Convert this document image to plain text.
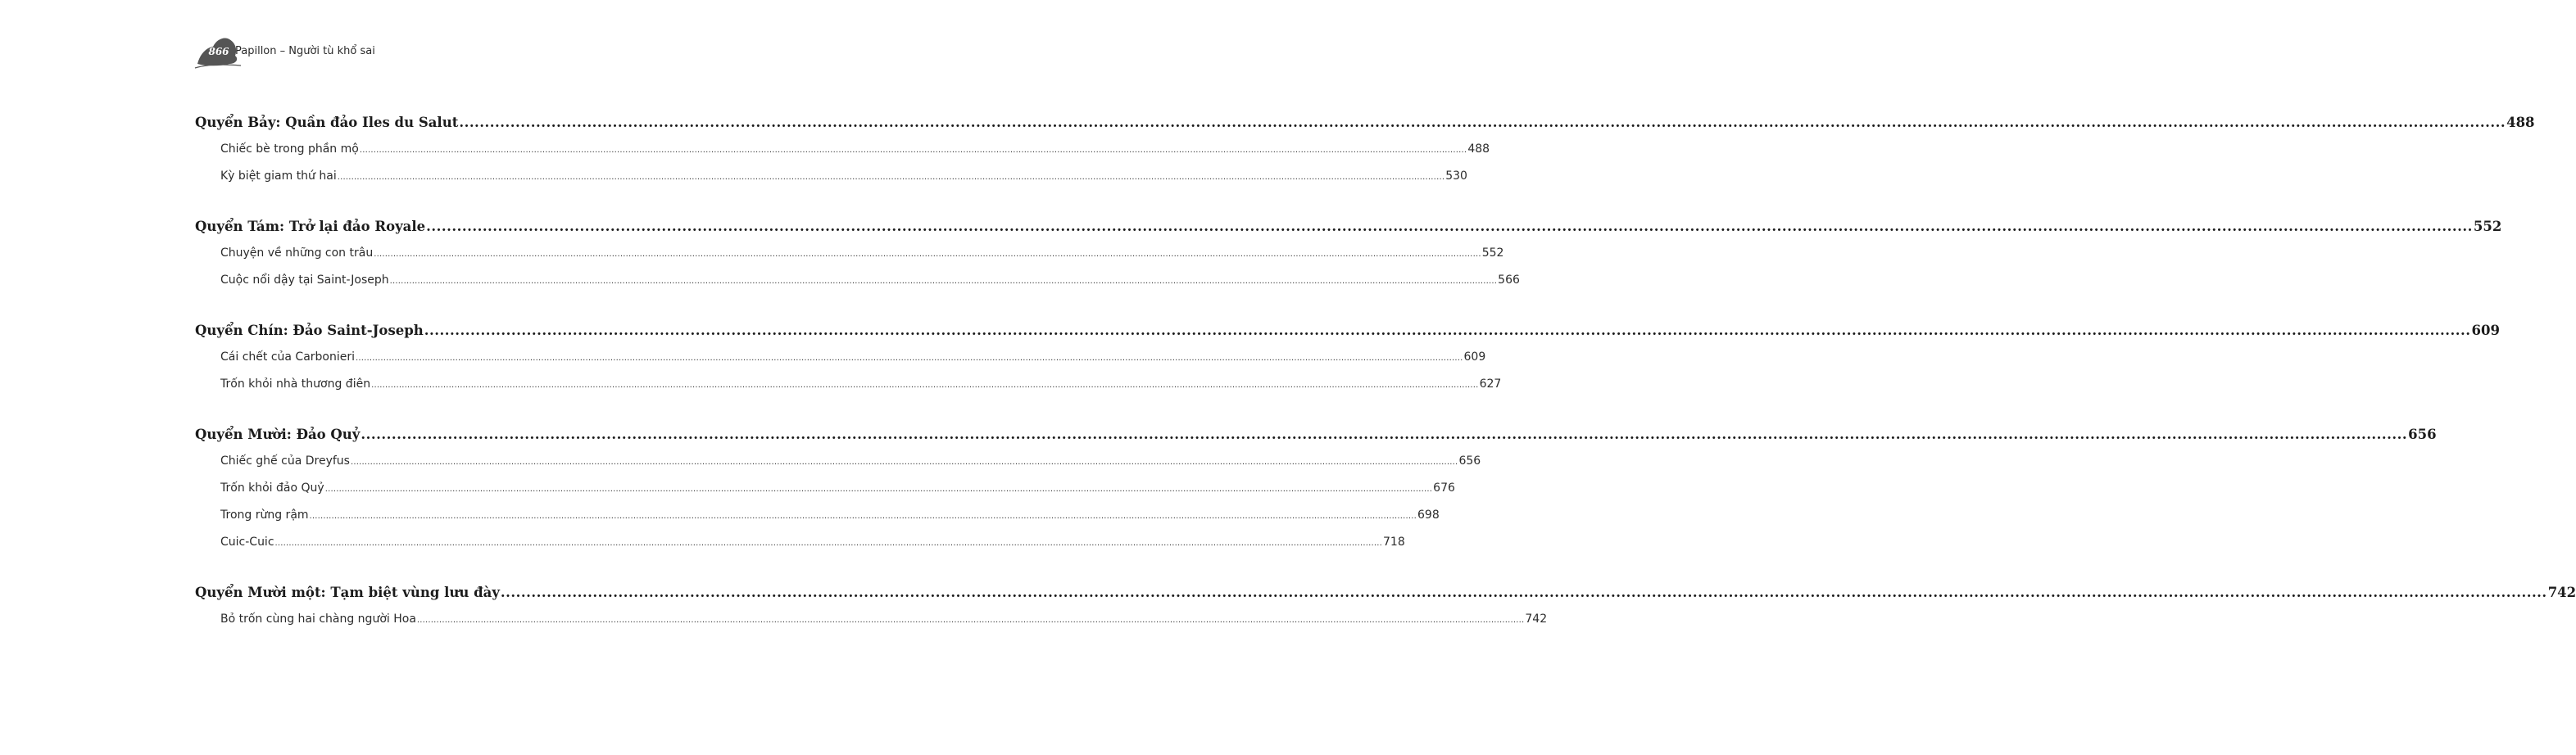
866 Papillon – Người tù khổ sai
Quyển Bảy: Quần đảo Iles du Salut ................................................................................................................................................................................................................................................................................................................................................................................................................ 488
Chiếc bè trong phần mộ ................................................................................................................................................................................................................................................................................................................................................................................................................ 488
Kỳ biệt giam thứ hai ................................................................................................................................................................................................................................................................................................................................................................................................................ 530
Quyển Tám: Trở lại đảo Royale ................................................................................................................................................................................................................................................................................................................................................................................................................ 552
Chuyện về những con trâu ................................................................................................................................................................................................................................................................................................................................................................................................................ 552
Cuộc nổi dậy tại Saint-Joseph ................................................................................................................................................................................................................................................................................................................................................................................................................ 566
Quyển Chín: Đảo Saint-Joseph ................................................................................................................................................................................................................................................................................................................................................................................................................ 609
Cái chết của Carbonieri ................................................................................................................................................................................................................................................................................................................................................................................................................ 609
Trốn khỏi nhà thương điên ................................................................................................................................................................................................................................................................................................................................................................................................................ 627
Quyển Mười: Đảo Quỷ ................................................................................................................................................................................................................................................................................................................................................................................................................ 656
Chiếc ghế của Dreyfus ................................................................................................................................................................................................................................................................................................................................................................................................................ 656
Trốn khỏi đảo Quỷ ................................................................................................................................................................................................................................................................................................................................................................................................................ 676
Trong rừng rậm ................................................................................................................................................................................................................................................................................................................................................................................................................ 698
Cuic-Cuic ................................................................................................................................................................................................................................................................................................................................................................................................................ 718
Quyển Mười một: Tạm biệt vùng lưu đày ................................................................................................................................................................................................................................................................................................................................................................................................................ 742
Bỏ trốn cùng hai chàng người Hoa ................................................................................................................................................................................................................................................................................................................................................................................................................ 742
